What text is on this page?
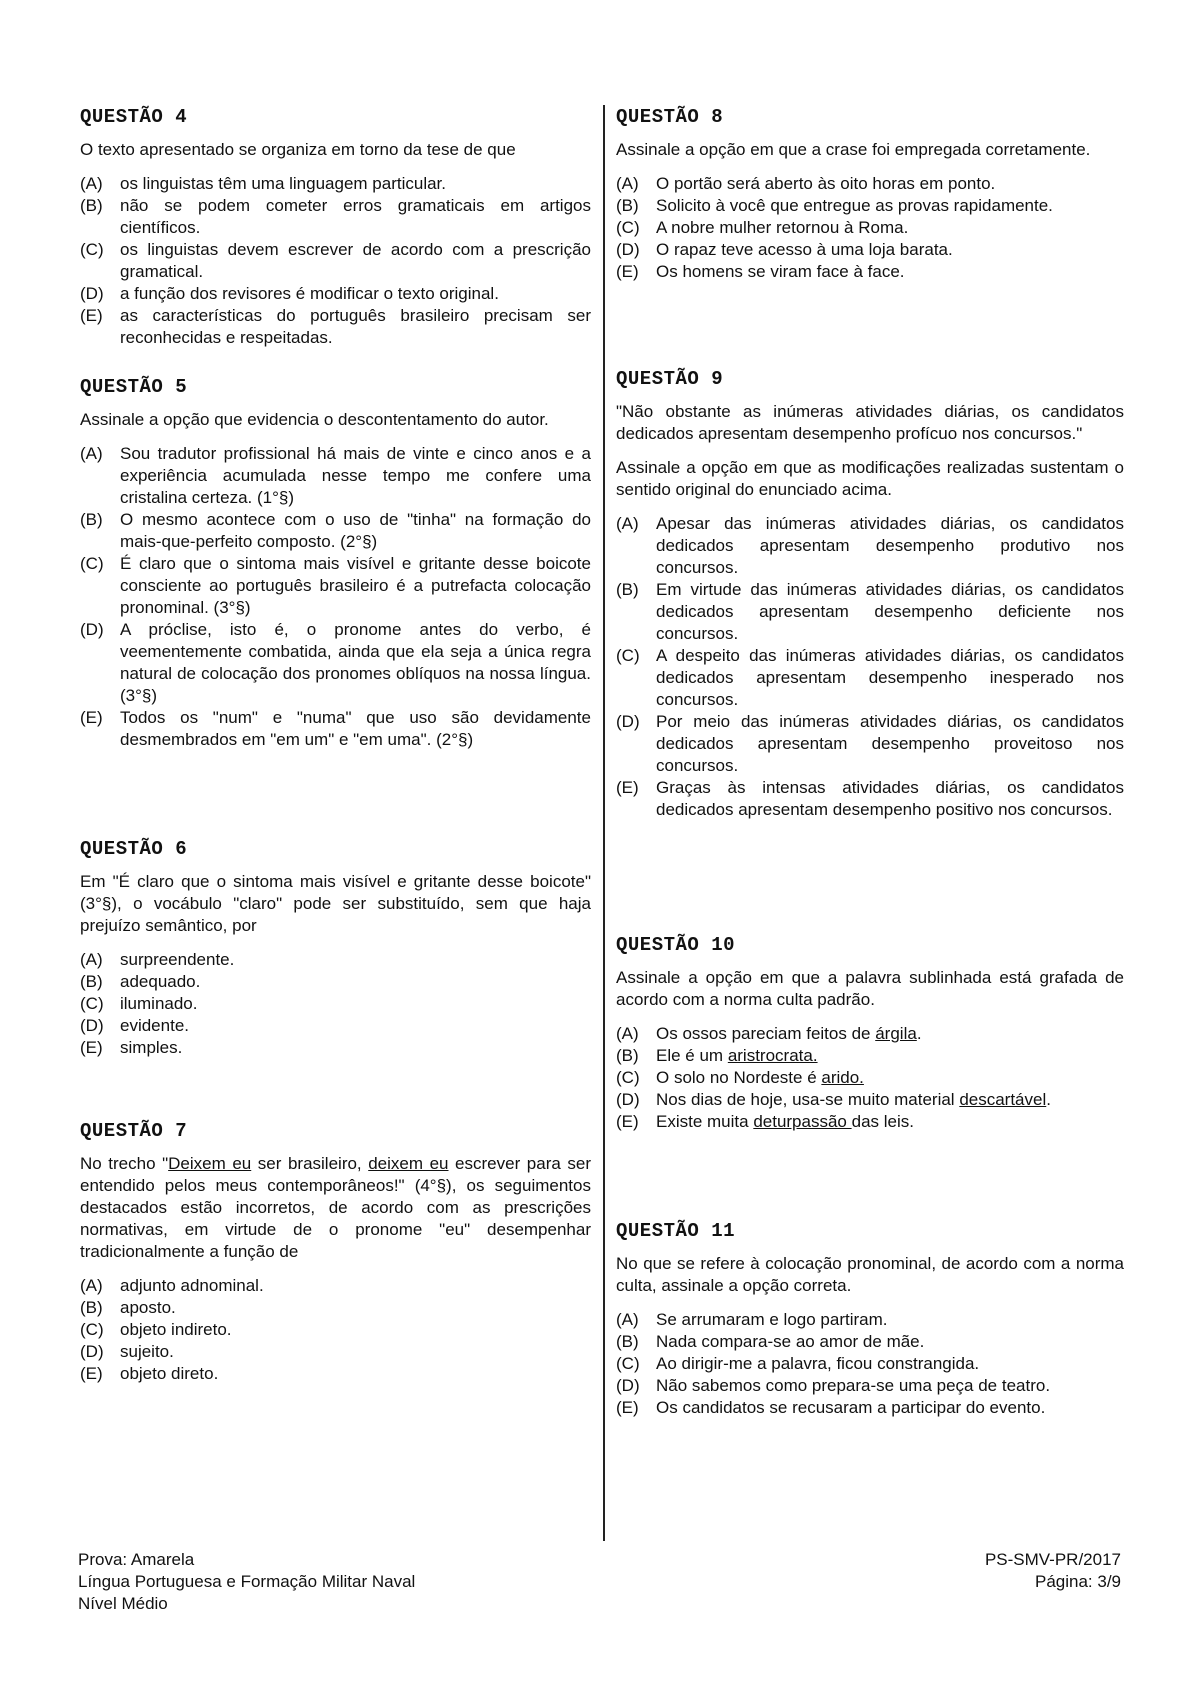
QUESTÃO 4
O texto apresentado se organiza em torno da tese de que
(A)	os linguistas têm uma linguagem particular.
(B)	não se podem cometer erros gramaticais em artigos científicos.
(C) os linguistas devem escrever de acordo com a prescrição gramatical.
(D) a função dos revisores é modificar o texto original.
(E)	as características do português brasileiro precisam ser reconhecidas e respeitadas.
QUESTÃO 5
Assinale a opção que evidencia o descontentamento do autor.
(A)	Sou tradutor profissional há mais de vinte e cinco anos e a experiência acumulada nesse tempo me confere uma cristalina certeza. (1°§)
(B)	O mesmo acontece com o uso de "tinha" na formação do mais-que-perfeito composto. (2°§)
(C) É claro que o sintoma mais visível e gritante desse boicote consciente ao português brasileiro é a putrefacta colocação pronominal. (3°§)
(D) A próclise, isto é, o pronome antes do verbo, é veementemente combatida, ainda que ela seja a única regra natural de colocação dos pronomes oblíquos na nossa língua. (3°§)
(E)	Todos os "num" e "numa" que uso são devidamente desmembrados em "em um" e "em uma". (2°§)
QUESTÃO 6
Em "É claro que o sintoma mais visível e gritante desse boicote" (3°§), o vocábulo "claro" pode ser substituído, sem que haja prejuízo semântico, por
(A)	surpreendente.
(B)	adequado.
(C) iluminado.
(D) evidente.
(E)	simples.
QUESTÃO 7
No trecho "Deixem eu ser brasileiro, deixem eu escrever para ser entendido pelos meus contemporâneos!" (4°§), os seguimentos destacados estão incorretos, de acordo com as prescrições normativas, em virtude de o pronome "eu" desempenhar tradicionalmente a função de
(A)	adjunto adnominal.
(B)	aposto.
(C) objeto indireto.
(D) sujeito.
(E)	objeto direto.
QUESTÃO 8
Assinale a opção em que a crase foi empregada corretamente.
(A)	O portão será aberto às oito horas em ponto.
(B)	Solicito à você que entregue as provas rapidamente.
(C) A nobre mulher retornou à Roma.
(D) O rapaz teve acesso à uma loja barata.
(E)	Os homens se viram face à face.
QUESTÃO 9
"Não obstante as inúmeras atividades diárias, os candidatos dedicados apresentam desempenho profícuo nos concursos."
Assinale a opção em que as modificações realizadas sustentam o sentido original do enunciado acima.
(A)	Apesar das inúmeras atividades diárias, os candidatos dedicados apresentam desempenho produtivo nos concursos.
(B)	Em virtude das inúmeras atividades diárias, os candidatos dedicados apresentam desempenho deficiente nos concursos.
(C) A despeito das inúmeras atividades diárias, os candidatos dedicados apresentam desempenho inesperado nos concursos.
(D) Por meio das inúmeras atividades diárias, os candidatos dedicados apresentam desempenho proveitoso nos concursos.
(E)	Graças às intensas atividades diárias, os candidatos dedicados apresentam desempenho positivo nos concursos.
QUESTÃO 10
Assinale a opção em que a palavra sublinhada está grafada de acordo com a norma culta padrão.
(A)	Os ossos pareciam feitos de árgila.
(B)	Ele é um aristrocrata.
(C) O solo no Nordeste é arido.
(D) Nos dias de hoje, usa-se muito material descartável.
(E)	Existe muita deturpassão das leis.
QUESTÃO 11
No que se refere à colocação pronominal, de acordo com a norma culta, assinale a opção correta.
(A)	Se arrumaram e logo partiram.
(B)	Nada compara-se ao amor de mãe.
(C) Ao dirigir-me a palavra, ficou constrangida.
(D) Não sabemos como prepara-se uma peça de teatro.
(E)	Os candidatos se recusaram a participar do evento.
Prova: Amarela
Língua Portuguesa e Formação Militar Naval
Nível Médio
PS-SMV-PR/2017
Página: 3/9
